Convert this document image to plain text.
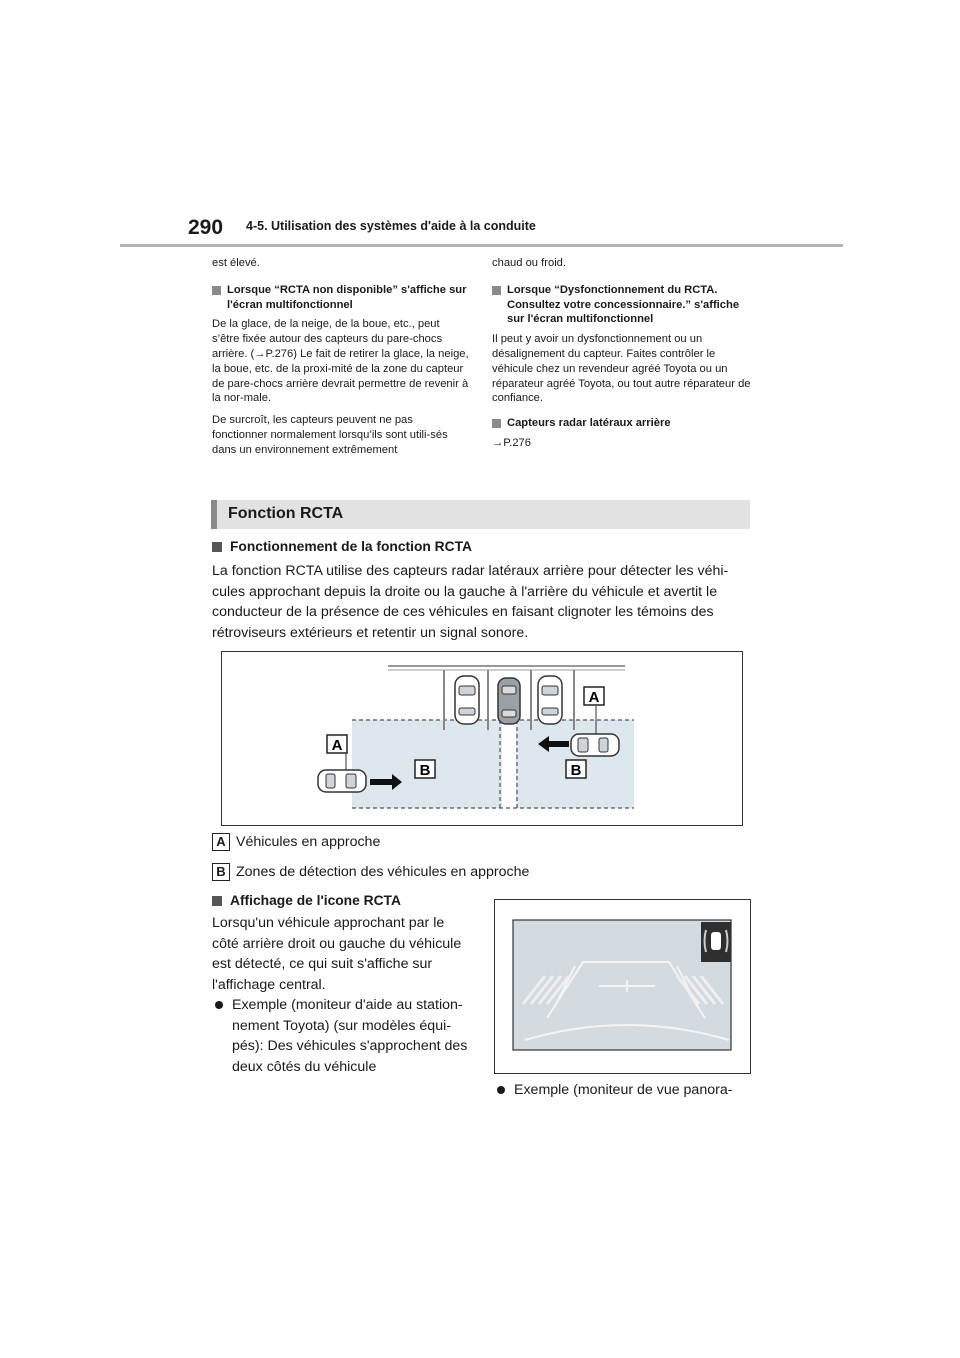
290 4-5. Utilisation des systèmes d'aide à la conduite

est élevé.

Lorsque “RCTA non disponible” s'affiche sur l'écran multifonctionnel

De la glace, de la neige, de la boue, etc., peut s’être fixée autour des capteurs du pare-chocs arrière. (→P.276) Le fait de retirer la glace, la neige, la boue, etc. de la proxi-mité de la zone du capteur de pare-chocs arrière devrait permettre de revenir à la nor-male.

De surcroît, les capteurs peuvent ne pas fonctionner normalement lorsqu’ils sont utili-sés dans un environnement extrêmement

chaud ou froid.

Lorsque “Dysfonctionnement du RCTA. Consultez votre concessionnaire.” s'affiche sur l'écran multifonctionnel

Il peut y avoir un dysfonctionnement ou un désalignement du capteur. Faites contrôler le véhicule chez un revendeur agréé Toyota ou un réparateur agréé Toyota, ou tout autre réparateur de confiance.

Capteurs radar latéraux arrière

→P.276

Fonction RCTA
Fonctionnement de la fonction RCTA
La fonction RCTA utilise des capteurs radar latéraux arrière pour détecter les véhi-cules approchant depuis la droite ou la gauche à l'arrière du véhicule et avertit le conducteur de la présence de ces véhicules en faisant clignoter les témoins des rétroviseurs extérieurs et retentir un signal sonore.
A
A
B	B
A Véhicules en approche
B Zones de détection des véhicules en approche
Affichage de l'icone RCTA
Lorsqu'un véhicule approchant par le côté arrière droit ou gauche du véhicule est détecté, ce qui suit s'affiche sur l'affichage central.
Exemple (moniteur d'aide au station-nement Toyota) (sur modèles équi-pés): Des véhicules s'approchent des deux côtés du véhicule
Exemple (moniteur de vue panora-
